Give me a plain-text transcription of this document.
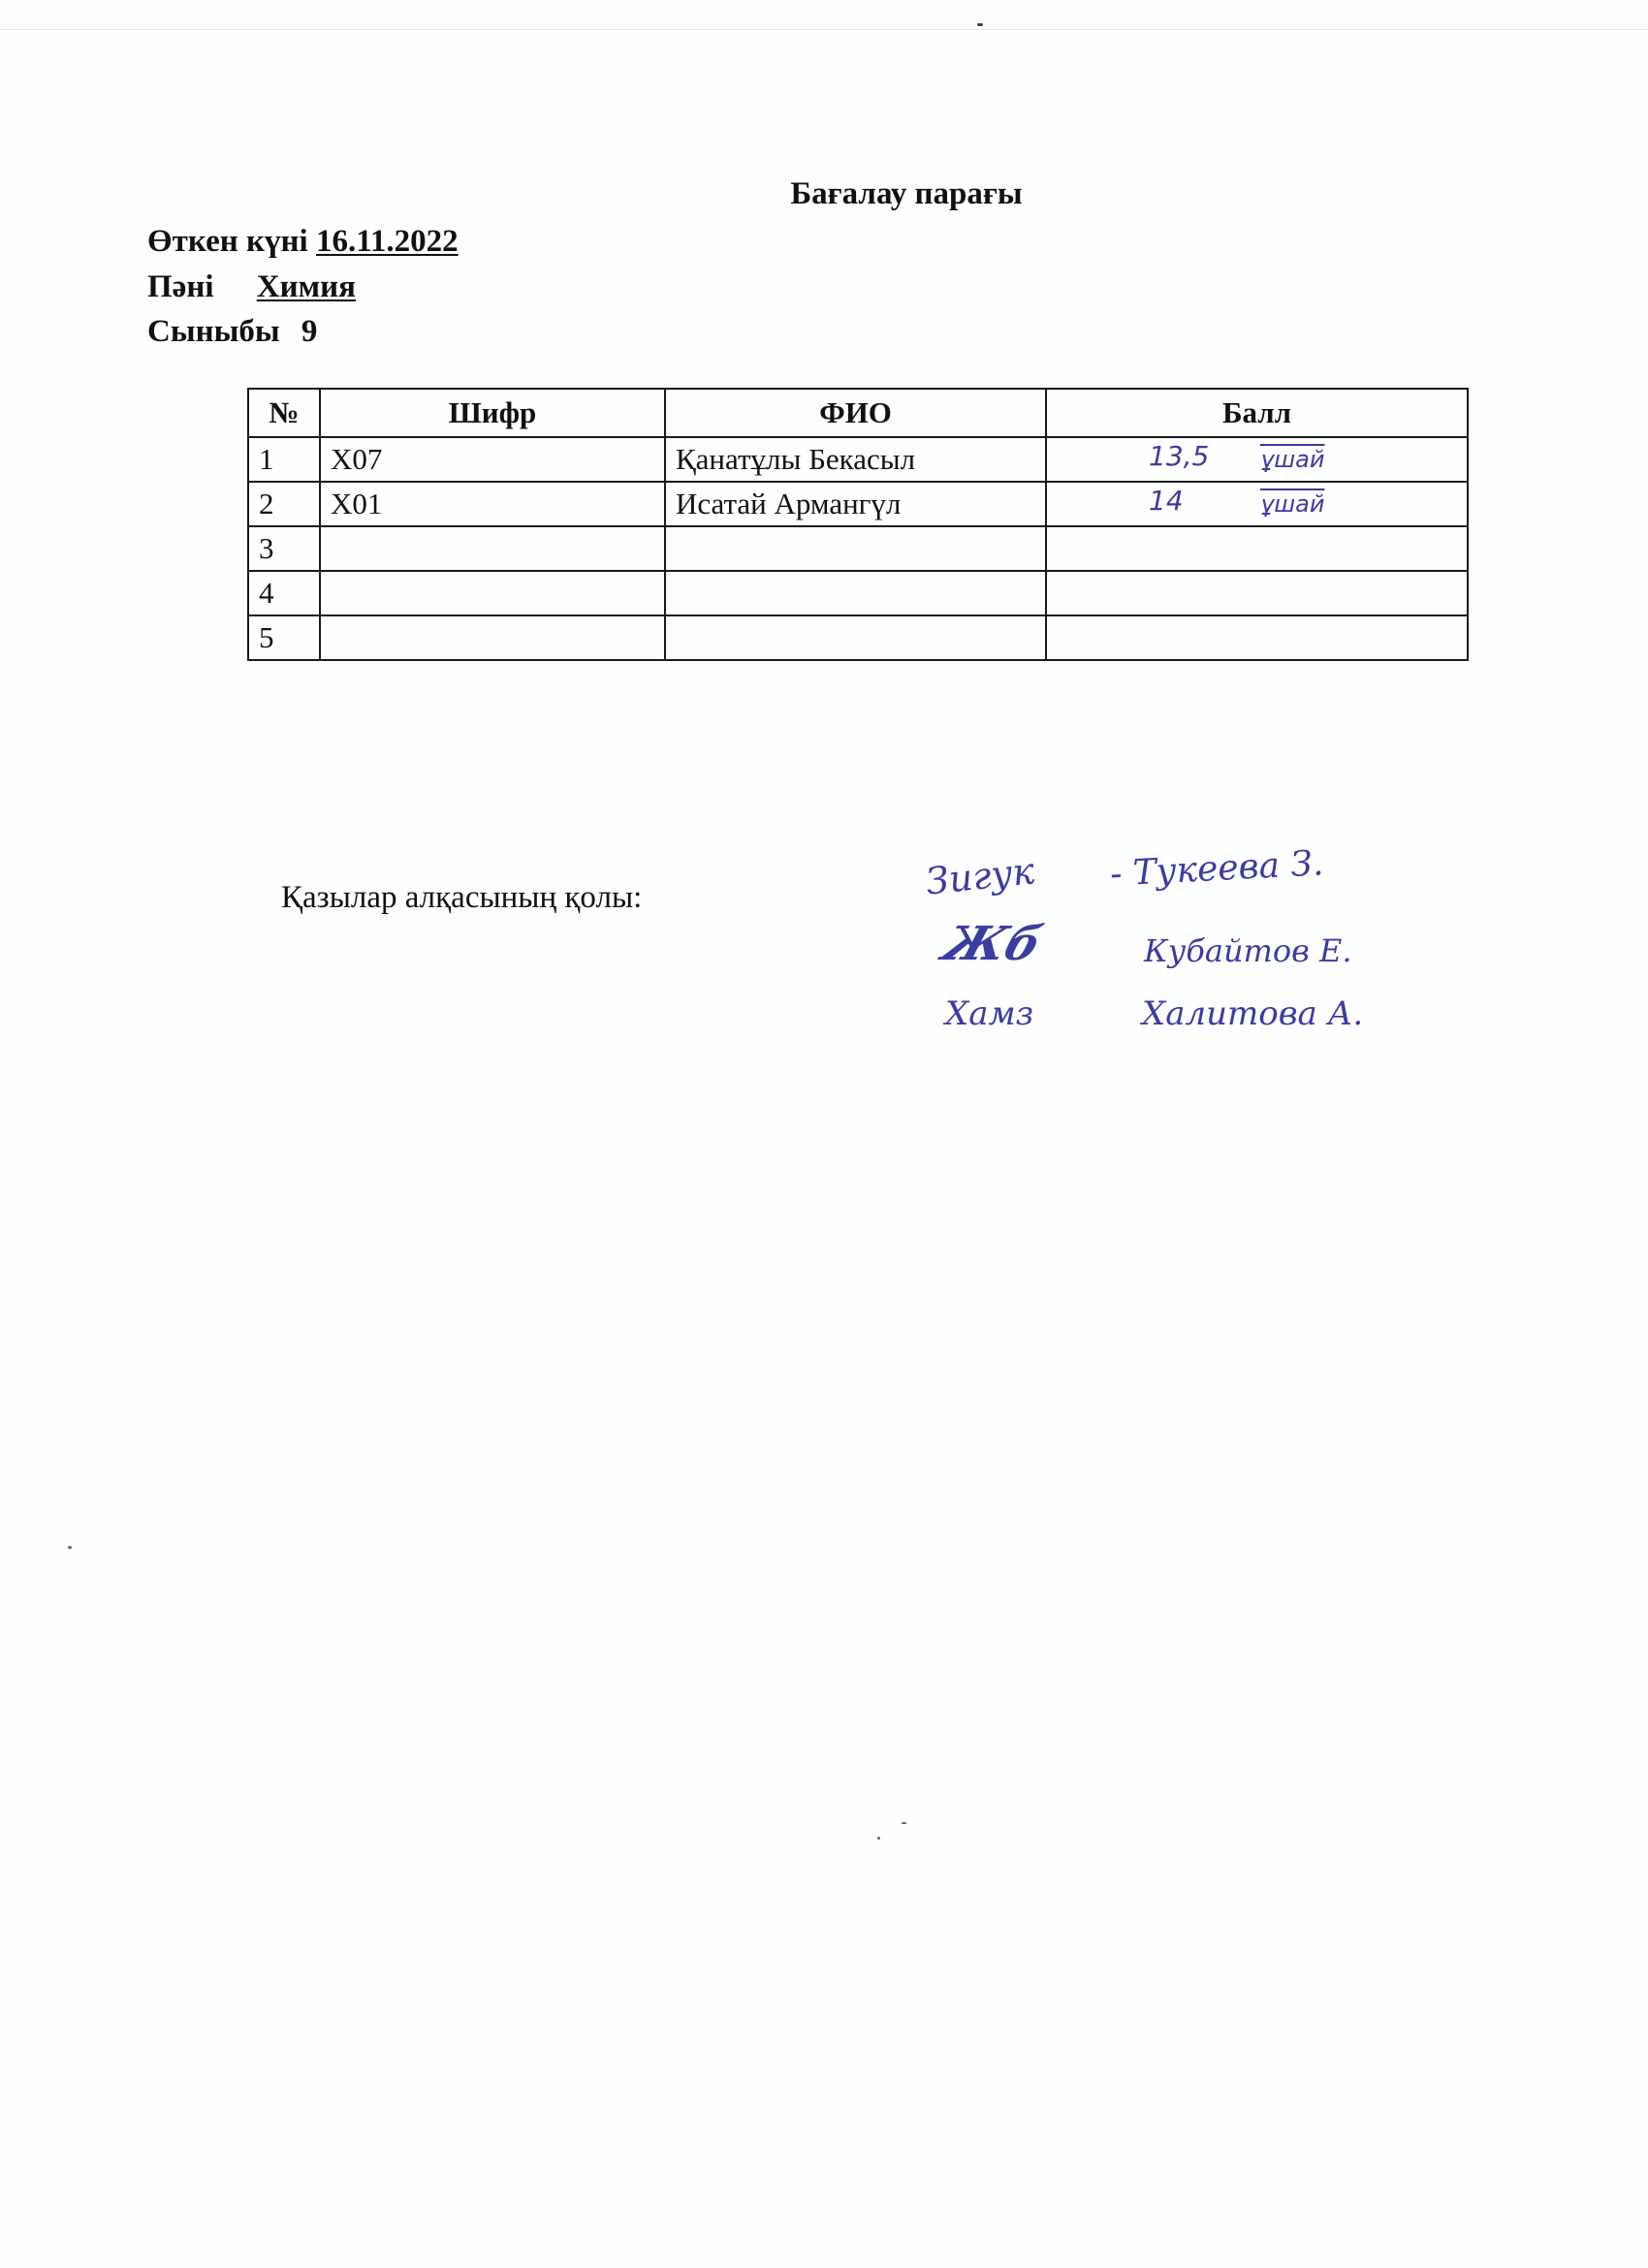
Бағалау парағы
Өткен күні 16.11.2022
Пәні Химия
Сыныбы 9
№	Шифр	ФИО	Балл
1	X07	Қанатұлы Бекасыл	13,5 ұшай

2	X01	Исатай Армангүл	14 ұшай

3			
4			
5			
Қазылар алқасының қолы:	Зигук - Тукеева З.
Жб	Кубайтов Е.
Хамз	Халитова А.
